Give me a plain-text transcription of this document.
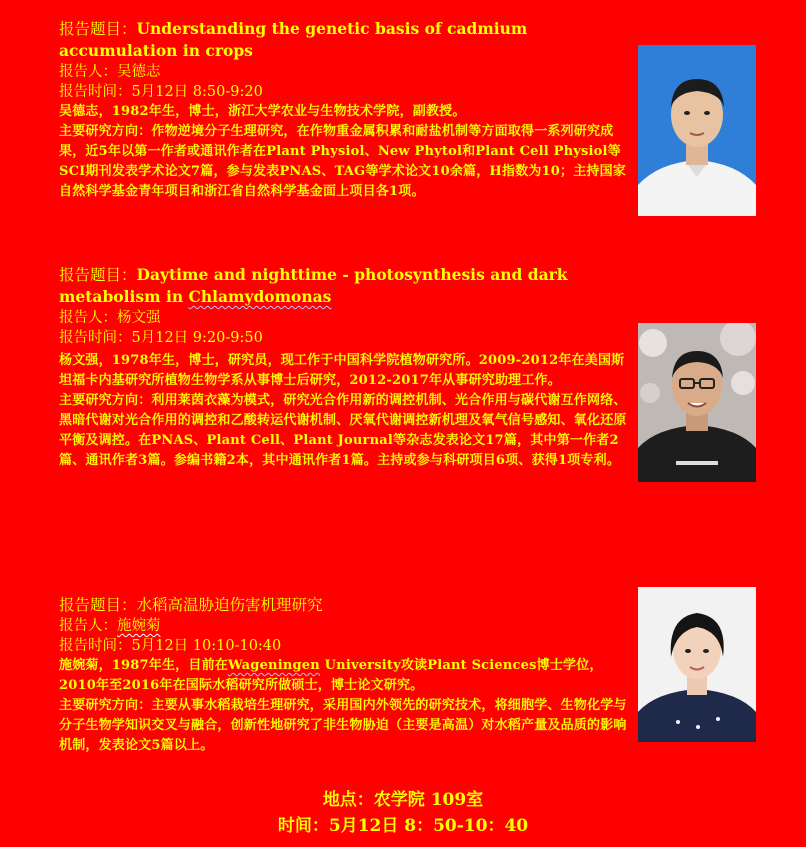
报告题目：Understanding the genetic basis of cadmium accumulation in crops
报告人：吴德志
报告时间：5月12日 8:50-9:20

吴德志，1982年生，博士，浙江大学农业与生物技术学院，副教授。

主要研究方向：作物逆境分子生理研究，在作物重金属积累和耐盐机制等方面取得一系列研究成果，近5年以第一作者或通讯作者在Plant Physiol、New Phytol和Plant Cell Physiol等SCI期刊发表学术论文7篇，参与发表PNAS、TAG等学术论文10余篇，H指数为10；主持国家自然科学基金青年项目和浙江省自然科学基金面上项目各1项。

报告题目：Daytime and nighttime - photosynthesis and dark metabolism in Chlamydomonas
报告人：杨文强
报告时间：5月12日 9:20-9:50

杨文强，1978年生，博士，研究员，现工作于中国科学院植物研究所。2009-2012年在美国斯坦福卡内基研究所植物生物学系从事博士后研究，2012-2017年从事研究助理工作。

主要研究方向：利用莱茵衣藻为模式，研究光合作用新的调控机制、光合作用与碳代谢互作网络、黑暗代谢对光合作用的调控和乙酸转运代谢机制、厌氧代谢调控新机理及氧气信号感知、氧化还原平衡及调控。在PNAS、Plant Cell、Plant Journal等杂志发表论文17篇，其中第一作者2篇、通讯作者3篇。参编书籍2本，其中通讯作者1篇。主持或参与科研项目6项、获得1项专利。

报告题目：水稻高温胁迫伤害机理研究
报告人：施婉菊
报告时间：5月12日 10:10-10:40

施婉菊，1987年生，目前在Wageningen University攻读Plant Sciences博士学位，2010年至2016年在国际水稻研究所做硕士，博士论文研究。

主要研究方向：主要从事水稻栽培生理研究，采用国内外领先的研究技术，将细胞学、生物化学与分子生物学知识交叉与融合，创新性地研究了非生物胁迫（主要是高温）对水稻产量及品质的影响机制，发表论文5篇以上。

地点：农学院 109室
时间：5月12日 8：50-10：40
